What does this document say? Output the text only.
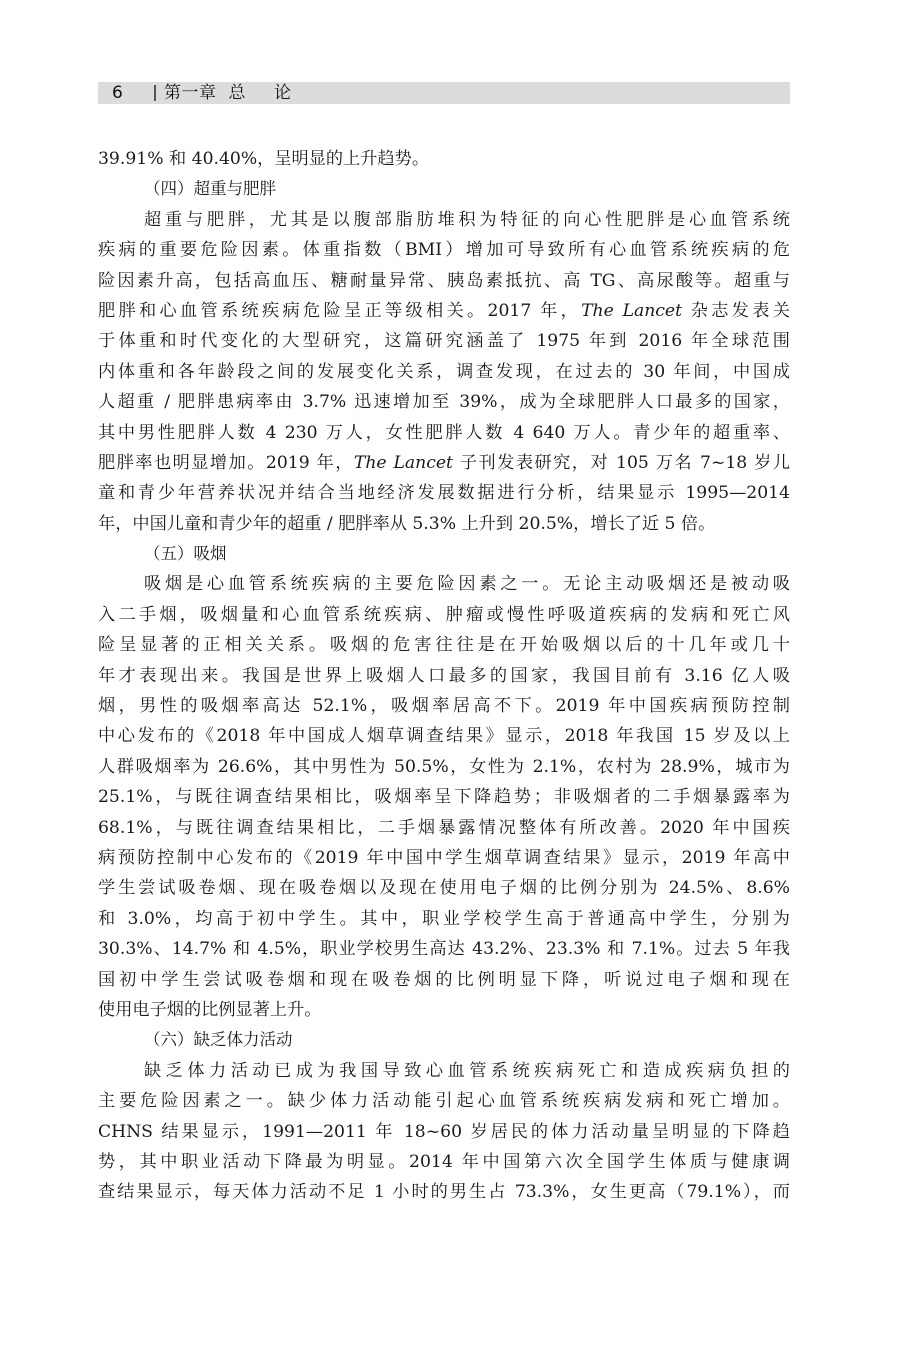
6 第一章 总 论
39.91% 和 40.40%，呈明显的上升趋势。
（四）超重与肥胖
超重与肥胖，尤其是以腹部脂肪堆积为特征的向心性肥胖是心血管系统
疾病的重要危险因素。体重指数（BMI）增加可导致所有心血管系统疾病的危
险因素升高，包括高血压、糖耐量异常、胰岛素抵抗、高 TG、高尿酸等。超重与
肥胖和心血管系统疾病危险呈正等级相关。2017 年，The Lancet 杂志发表关
于体重和时代变化的大型研究，这篇研究涵盖了 1975 年到 2016 年全球范围
内体重和各年龄段之间的发展变化关系，调查发现，在过去的 30 年间，中国成
人超重 / 肥胖患病率由 3.7% 迅速增加至 39%，成为全球肥胖人口最多的国家，
其中男性肥胖人数 4 230 万人，女性肥胖人数 4 640 万人。青少年的超重率、
肥胖率也明显增加。2019 年，The Lancet 子刊发表研究，对 105 万名 7~18 岁儿
童和青少年营养状况并结合当地经济发展数据进行分析，结果显示 1995—2014
年，中国儿童和青少年的超重 / 肥胖率从 5.3% 上升到 20.5%，增长了近 5 倍。
（五）吸烟
吸烟是心血管系统疾病的主要危险因素之一。无论主动吸烟还是被动吸
入二手烟，吸烟量和心血管系统疾病、肿瘤或慢性呼吸道疾病的发病和死亡风
险呈显著的正相关关系。吸烟的危害往往是在开始吸烟以后的十几年或几十
年才表现出来。我国是世界上吸烟人口最多的国家，我国目前有 3.16 亿人吸
烟，男性的吸烟率高达 52.1%，吸烟率居高不下。2019 年中国疾病预防控制
中心发布的《2018 年中国成人烟草调查结果》显示，2018 年我国 15 岁及以上
人群吸烟率为 26.6%，其中男性为 50.5%，女性为 2.1%，农村为 28.9%，城市为
25.1%，与既往调查结果相比，吸烟率呈下降趋势；非吸烟者的二手烟暴露率为
68.1%，与既往调查结果相比，二手烟暴露情况整体有所改善。2020 年中国疾
病预防控制中心发布的《2019 年中国中学生烟草调查结果》显示，2019 年高中
学生尝试吸卷烟、现在吸卷烟以及现在使用电子烟的比例分别为 24.5%、8.6%
和 3.0%，均高于初中学生。其中，职业学校学生高于普通高中学生，分别为
30.3%、14.7% 和 4.5%，职业学校男生高达 43.2%、23.3% 和 7.1%。过去 5 年我
国初中学生尝试吸卷烟和现在吸卷烟的比例明显下降，听说过电子烟和现在
使用电子烟的比例显著上升。
（六）缺乏体力活动
缺乏体力活动已成为我国导致心血管系统疾病死亡和造成疾病负担的
主要危险因素之一。缺少体力活动能引起心血管系统疾病发病和死亡增加。
CHNS 结果显示，1991—2011 年 18~60 岁居民的体力活动量呈明显的下降趋
势，其中职业活动下降最为明显。2014 年中国第六次全国学生体质与健康调
查结果显示，每天体力活动不足 1 小时的男生占 73.3%，女生更高（79.1%），而
